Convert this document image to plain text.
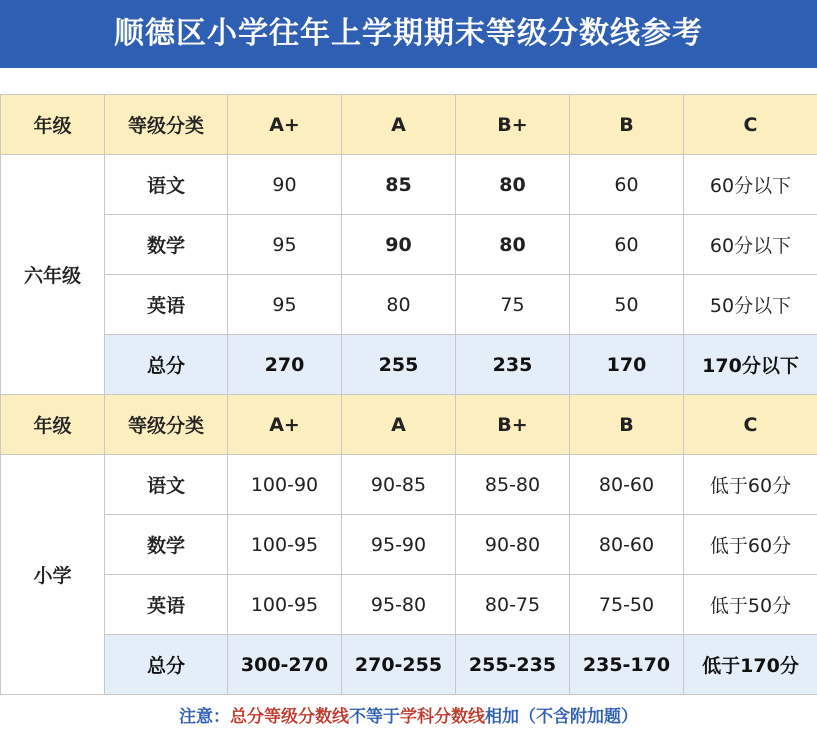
顺德区小学往年上学期期末等级分数线参考
年级	等级分类	A+	A	B+	B	C
六年级	语文	90	85	80	60	60分以下
	数学	95	90	80	60	60分以下
	英语	95	80	75	50	50分以下
	总分	270	255	235	170	170分以下
年级	等级分类	A+	A	B+	B	C
小学	语文	100-90	90-85	85-80	80-60	低于60分
	数学	100-95	95-90	90-80	80-60	低于60分
	英语	100-95	95-80	80-75	75-50	低于50分
	总分	300-270	270-255	255-235	235-170	低于170分
注意：总分等级分数线不等于学科分数线相加（不含附加题）
